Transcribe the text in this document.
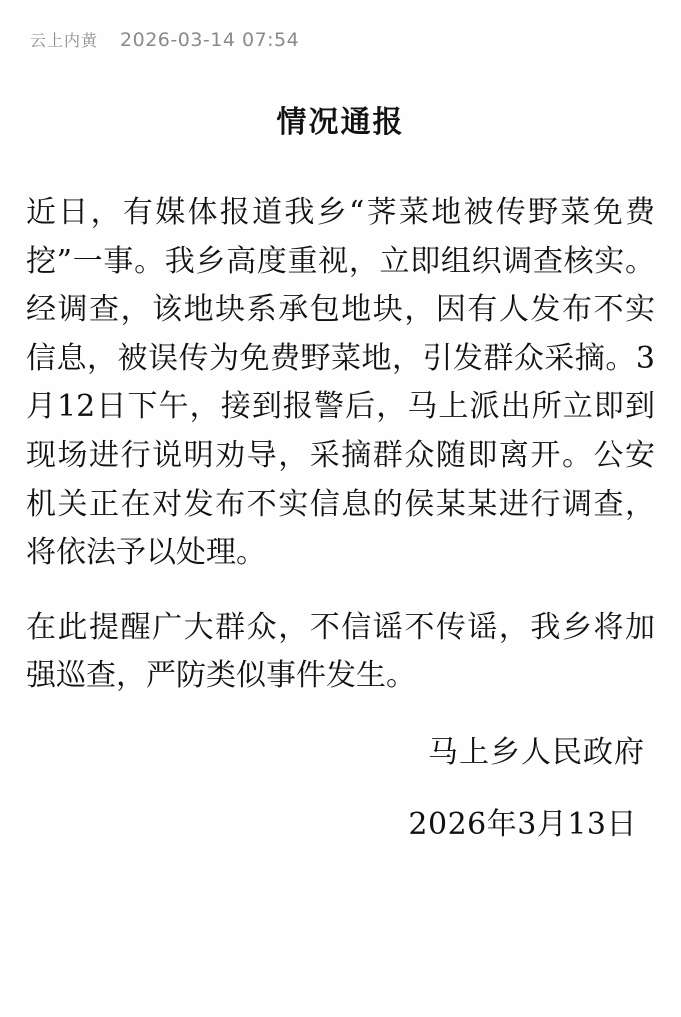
云上内黄 2026-03-14 07:54
情况通报

近日，有媒体报道我乡“荠菜地被传野菜免费挖”一事。我乡高度重视，立即组织调查核实。经调查，该地块系承包地块，因有人发布不实信息，被误传为免费野菜地，引发群众采摘。3月12日下午，接到报警后，马上派出所立即到现场进行说明劝导，采摘群众随即离开。公安机关正在对发布不实信息的侯某某进行调查，将依法予以处理。

在此提醒广大群众，不信谣不传谣，我乡将加强巡查，严防类似事件发生。

马上乡人民政府
2026年3月13日
